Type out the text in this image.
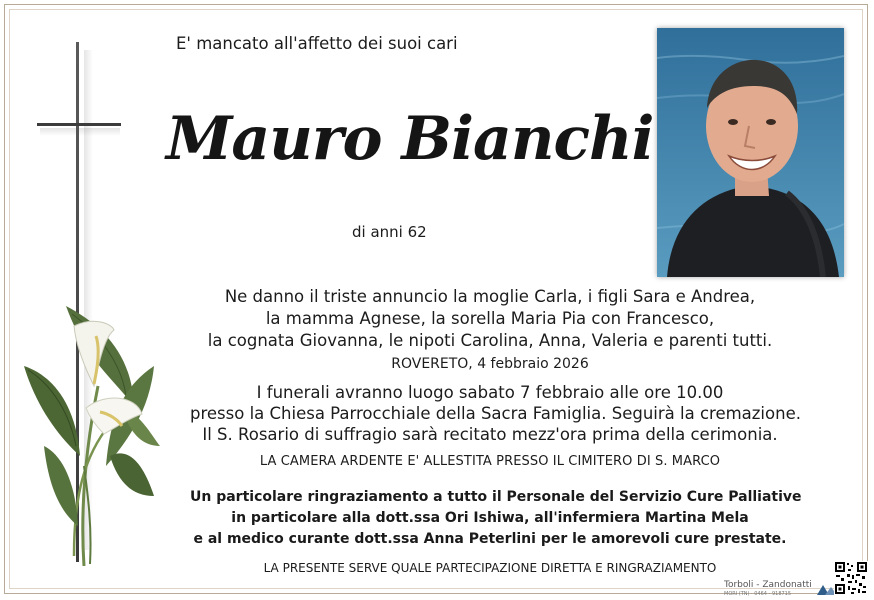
E' mancato all'affetto dei suoi cari
Mauro Bianchi
di anni 62
Ne danno il triste annuncio la moglie Carla, i figli Sara e Andrea,
la mamma Agnese, la sorella Maria Pia con Francesco,
la cognata Giovanna, le nipoti Carolina, Anna, Valeria e parenti tutti.
ROVERETO, 4 febbraio 2026
I funerali avranno luogo sabato 7 febbraio alle ore 10.00
presso la Chiesa Parrocchiale della Sacra Famiglia. Seguirà la cremazione.
Il S. Rosario di suffragio sarà recitato mezz'ora prima della cerimonia.
LA CAMERA ARDENTE E' ALLESTITA PRESSO IL CIMITERO DI S. MARCO
Un particolare ringraziamento a tutto il Personale del Servizio Cure Palliative
in particolare alla dott.ssa Ori Ishiwa, all'infermiera Martina Mela
e al medico curante dott.ssa Anna Peterlini per le amorevoli cure prestate.
LA PRESENTE SERVE QUALE PARTECIPAZIONE DIRETTA E RINGRAZIAMENTO
Torboli - Zandonatti
MORI (TN) · 0464 - 918715
